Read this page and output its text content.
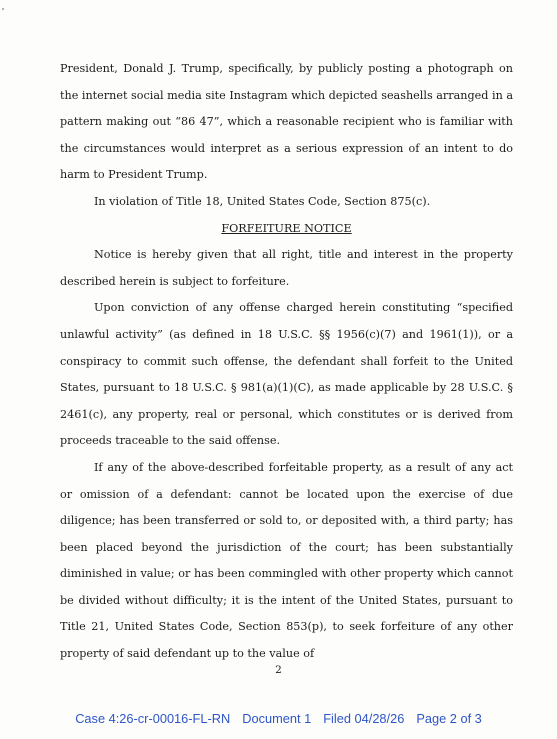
President, Donald J. Trump, specifically, by publicly posting a photograph on the internet social media site Instagram which depicted seashells arranged in a pattern making out “86 47”, which a reasonable recipient who is familiar with the circumstances would interpret as a serious expression of an intent to do harm to President Trump.

In violation of Title 18, United States Code, Section 875(c).

FORFEITURE NOTICE

Notice is hereby given that all right, title and interest in the property described herein is subject to forfeiture.

Upon conviction of any offense charged herein constituting “specified unlawful activity” (as defined in 18 U.S.C. §§ 1956(c)(7) and 1961(1)), or a conspiracy to commit such offense, the defendant shall forfeit to the United States, pursuant to 18 U.S.C. § 981(a)(1)(C), as made applicable by 28 U.S.C. § 2461(c), any property, real or personal, which constitutes or is derived from proceeds traceable to the said offense.

If any of the above-described forfeitable property, as a result of any act or omission of a defendant: cannot be located upon the exercise of due diligence; has been transferred or sold to, or deposited with, a third party; has been placed beyond the jurisdiction of the court; has been substantially diminished in value; or has been commingled with other property which cannot be divided without difficulty; it is the intent of the United States, pursuant to Title 21, United States Code, Section 853(p), to seek forfeiture of any other property of said defendant up to the value of

2
Case 4:26-cr-00016-FL-RN Document 1 Filed 04/28/26 Page 2 of 3
